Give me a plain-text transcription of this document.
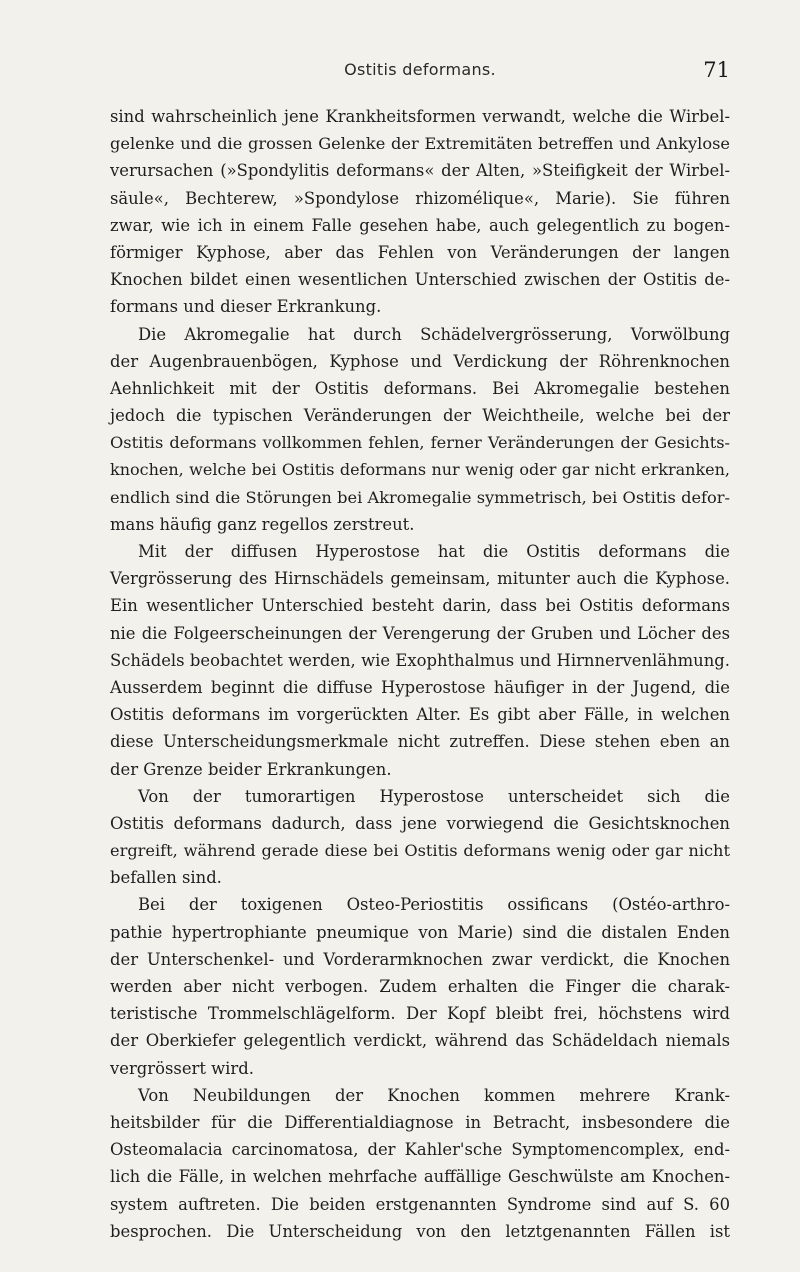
Ostitis deformans.	71
sind wahrscheinlich jene Krankheitsformen verwandt, welche die Wirbel-
gelenke und die grossen Gelenke der Extremitäten betreffen und Ankylose
verursachen (»Spondylitis deformans« der Alten, »Steifigkeit der Wirbel-
säule«, Bechterew, »Spondylose rhizomélique«, Marie). Sie führen
zwar, wie ich in einem Falle gesehen habe, auch gelegentlich zu bogen-
förmiger Kyphose, aber das Fehlen von Veränderungen der langen
Knochen bildet einen wesentlichen Unterschied zwischen der Ostitis de-
formans und dieser Erkrankung.
Die Akromegalie hat durch Schädelvergrösserung, Vorwölbung
der Augenbrauenbögen, Kyphose und Verdickung der Röhrenknochen
Aehnlichkeit mit der Ostitis deformans. Bei Akromegalie bestehen
jedoch die typischen Veränderungen der Weichtheile, welche bei der
Ostitis deformans vollkommen fehlen, ferner Veränderungen der Gesichts-
knochen, welche bei Ostitis deformans nur wenig oder gar nicht erkranken,
endlich sind die Störungen bei Akromegalie symmetrisch, bei Ostitis defor-
mans häufig ganz regellos zerstreut.
Mit der diffusen Hyperostose hat die Ostitis deformans die
Vergrösserung des Hirnschädels gemeinsam, mitunter auch die Kyphose.
Ein wesentlicher Unterschied besteht darin, dass bei Ostitis deformans
nie die Folgeerscheinungen der Verengerung der Gruben und Löcher des
Schädels beobachtet werden, wie Exophthalmus und Hirnnervenlähmung.
Ausserdem beginnt die diffuse Hyperostose häufiger in der Jugend, die
Ostitis deformans im vorgerückten Alter. Es gibt aber Fälle, in welchen
diese Unterscheidungsmerkmale nicht zutreffen. Diese stehen eben an
der Grenze beider Erkrankungen.
Von der tumorartigen Hyperostose unterscheidet sich die
Ostitis deformans dadurch, dass jene vorwiegend die Gesichtsknochen
ergreift, während gerade diese bei Ostitis deformans wenig oder gar nicht
befallen sind.
Bei der toxigenen Osteo-Periostitis ossificans (Ostéo-arthro-
pathie hypertrophiante pneumique von Marie) sind die distalen Enden
der Unterschenkel- und Vorderarmknochen zwar verdickt, die Knochen
werden aber nicht verbogen. Zudem erhalten die Finger die charak-
teristische Trommelschlägelform. Der Kopf bleibt frei, höchstens wird
der Oberkiefer gelegentlich verdickt, während das Schädeldach niemals
vergrössert wird.
Von Neubildungen der Knochen kommen mehrere Krank-
heitsbilder für die Differentialdiagnose in Betracht, insbesondere die
Osteomalacia carcinomatosa, der Kahler'sche Symptomencomplex, end-
lich die Fälle, in welchen mehrfache auffällige Geschwülste am Knochen-
system auftreten. Die beiden erstgenannten Syndrome sind auf S. 60
besprochen. Die Unterscheidung von den letztgenannten Fällen ist
